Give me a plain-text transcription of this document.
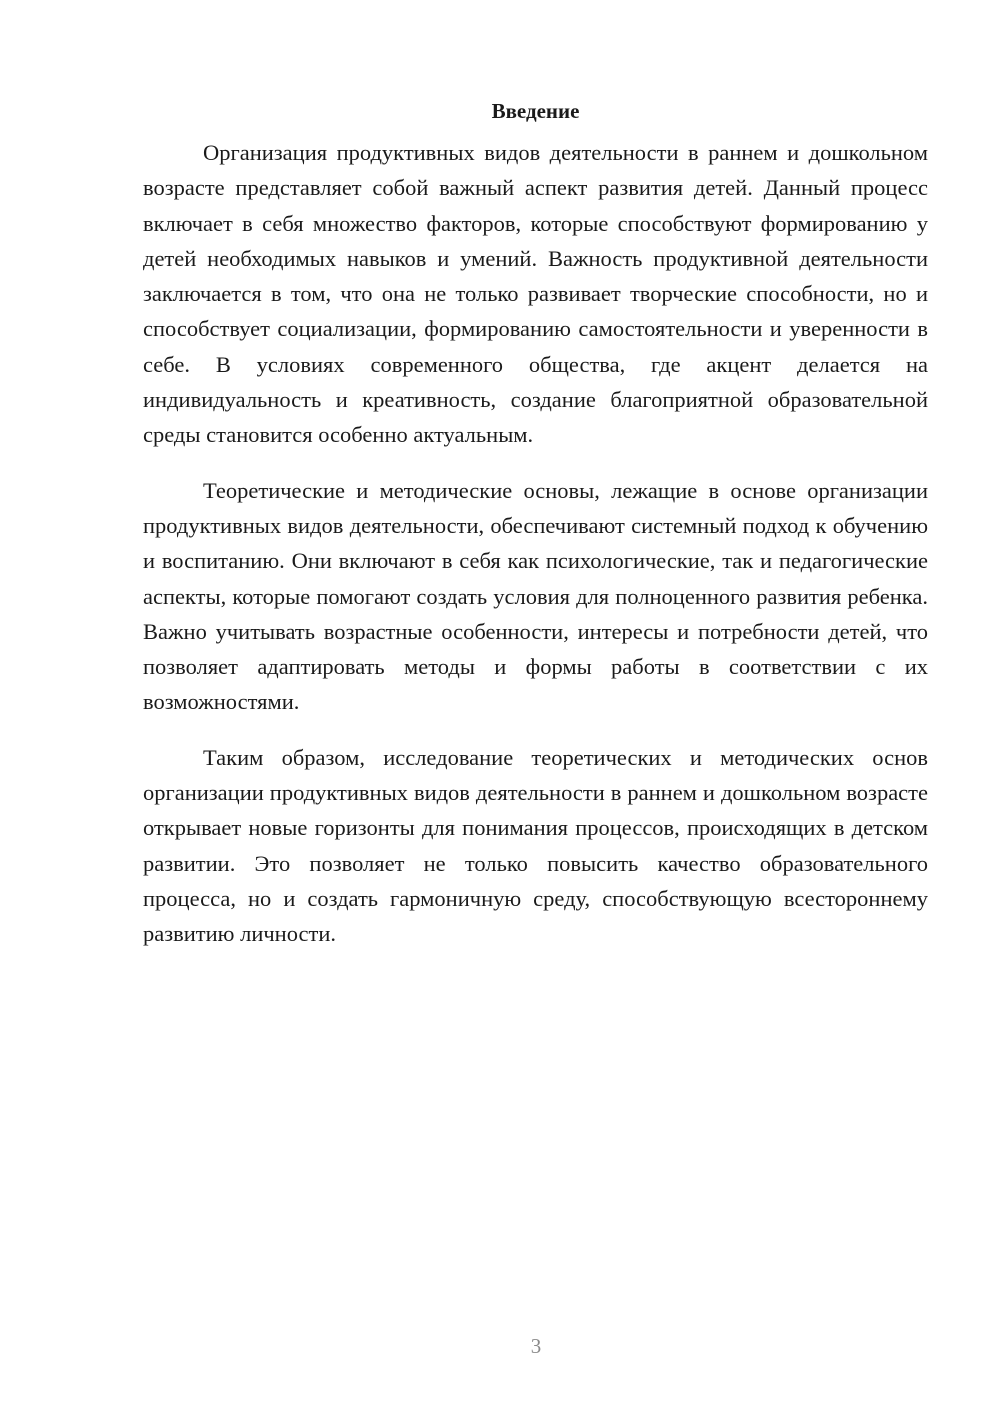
Введение

Организация продуктивных видов деятельности в раннем и дошкольном возрасте представляет собой важный аспект развития детей. Данный процесс включает в себя множество факторов, которые способствуют формированию у детей необходимых навыков и умений. Важность продуктивной деятельности заключается в том, что она не только развивает творческие способности, но и способствует социализации, формированию самостоятельности и уверенности в себе. В условиях современного общества, где акцент делается на индивидуальность и креативность, создание благоприятной образовательной среды становится особенно актуальным.

Теоретические и методические основы, лежащие в основе организации продуктивных видов деятельности, обеспечивают системный подход к обучению и воспитанию. Они включают в себя как психологические, так и педагогические аспекты, которые помогают создать условия для полноценного развития ребенка. Важно учитывать возрастные особенности, интересы и потребности детей, что позволяет адаптировать методы и формы работы в соответствии с их возможностями.

Таким образом, исследование теоретических и методических основ организации продуктивных видов деятельности в раннем и дошкольном возрасте открывает новые горизонты для понимания процессов, происходящих в детском развитии. Это позволяет не только повысить качество образовательного процесса, но и создать гармоничную среду, способствующую всестороннему развитию личности.

3
